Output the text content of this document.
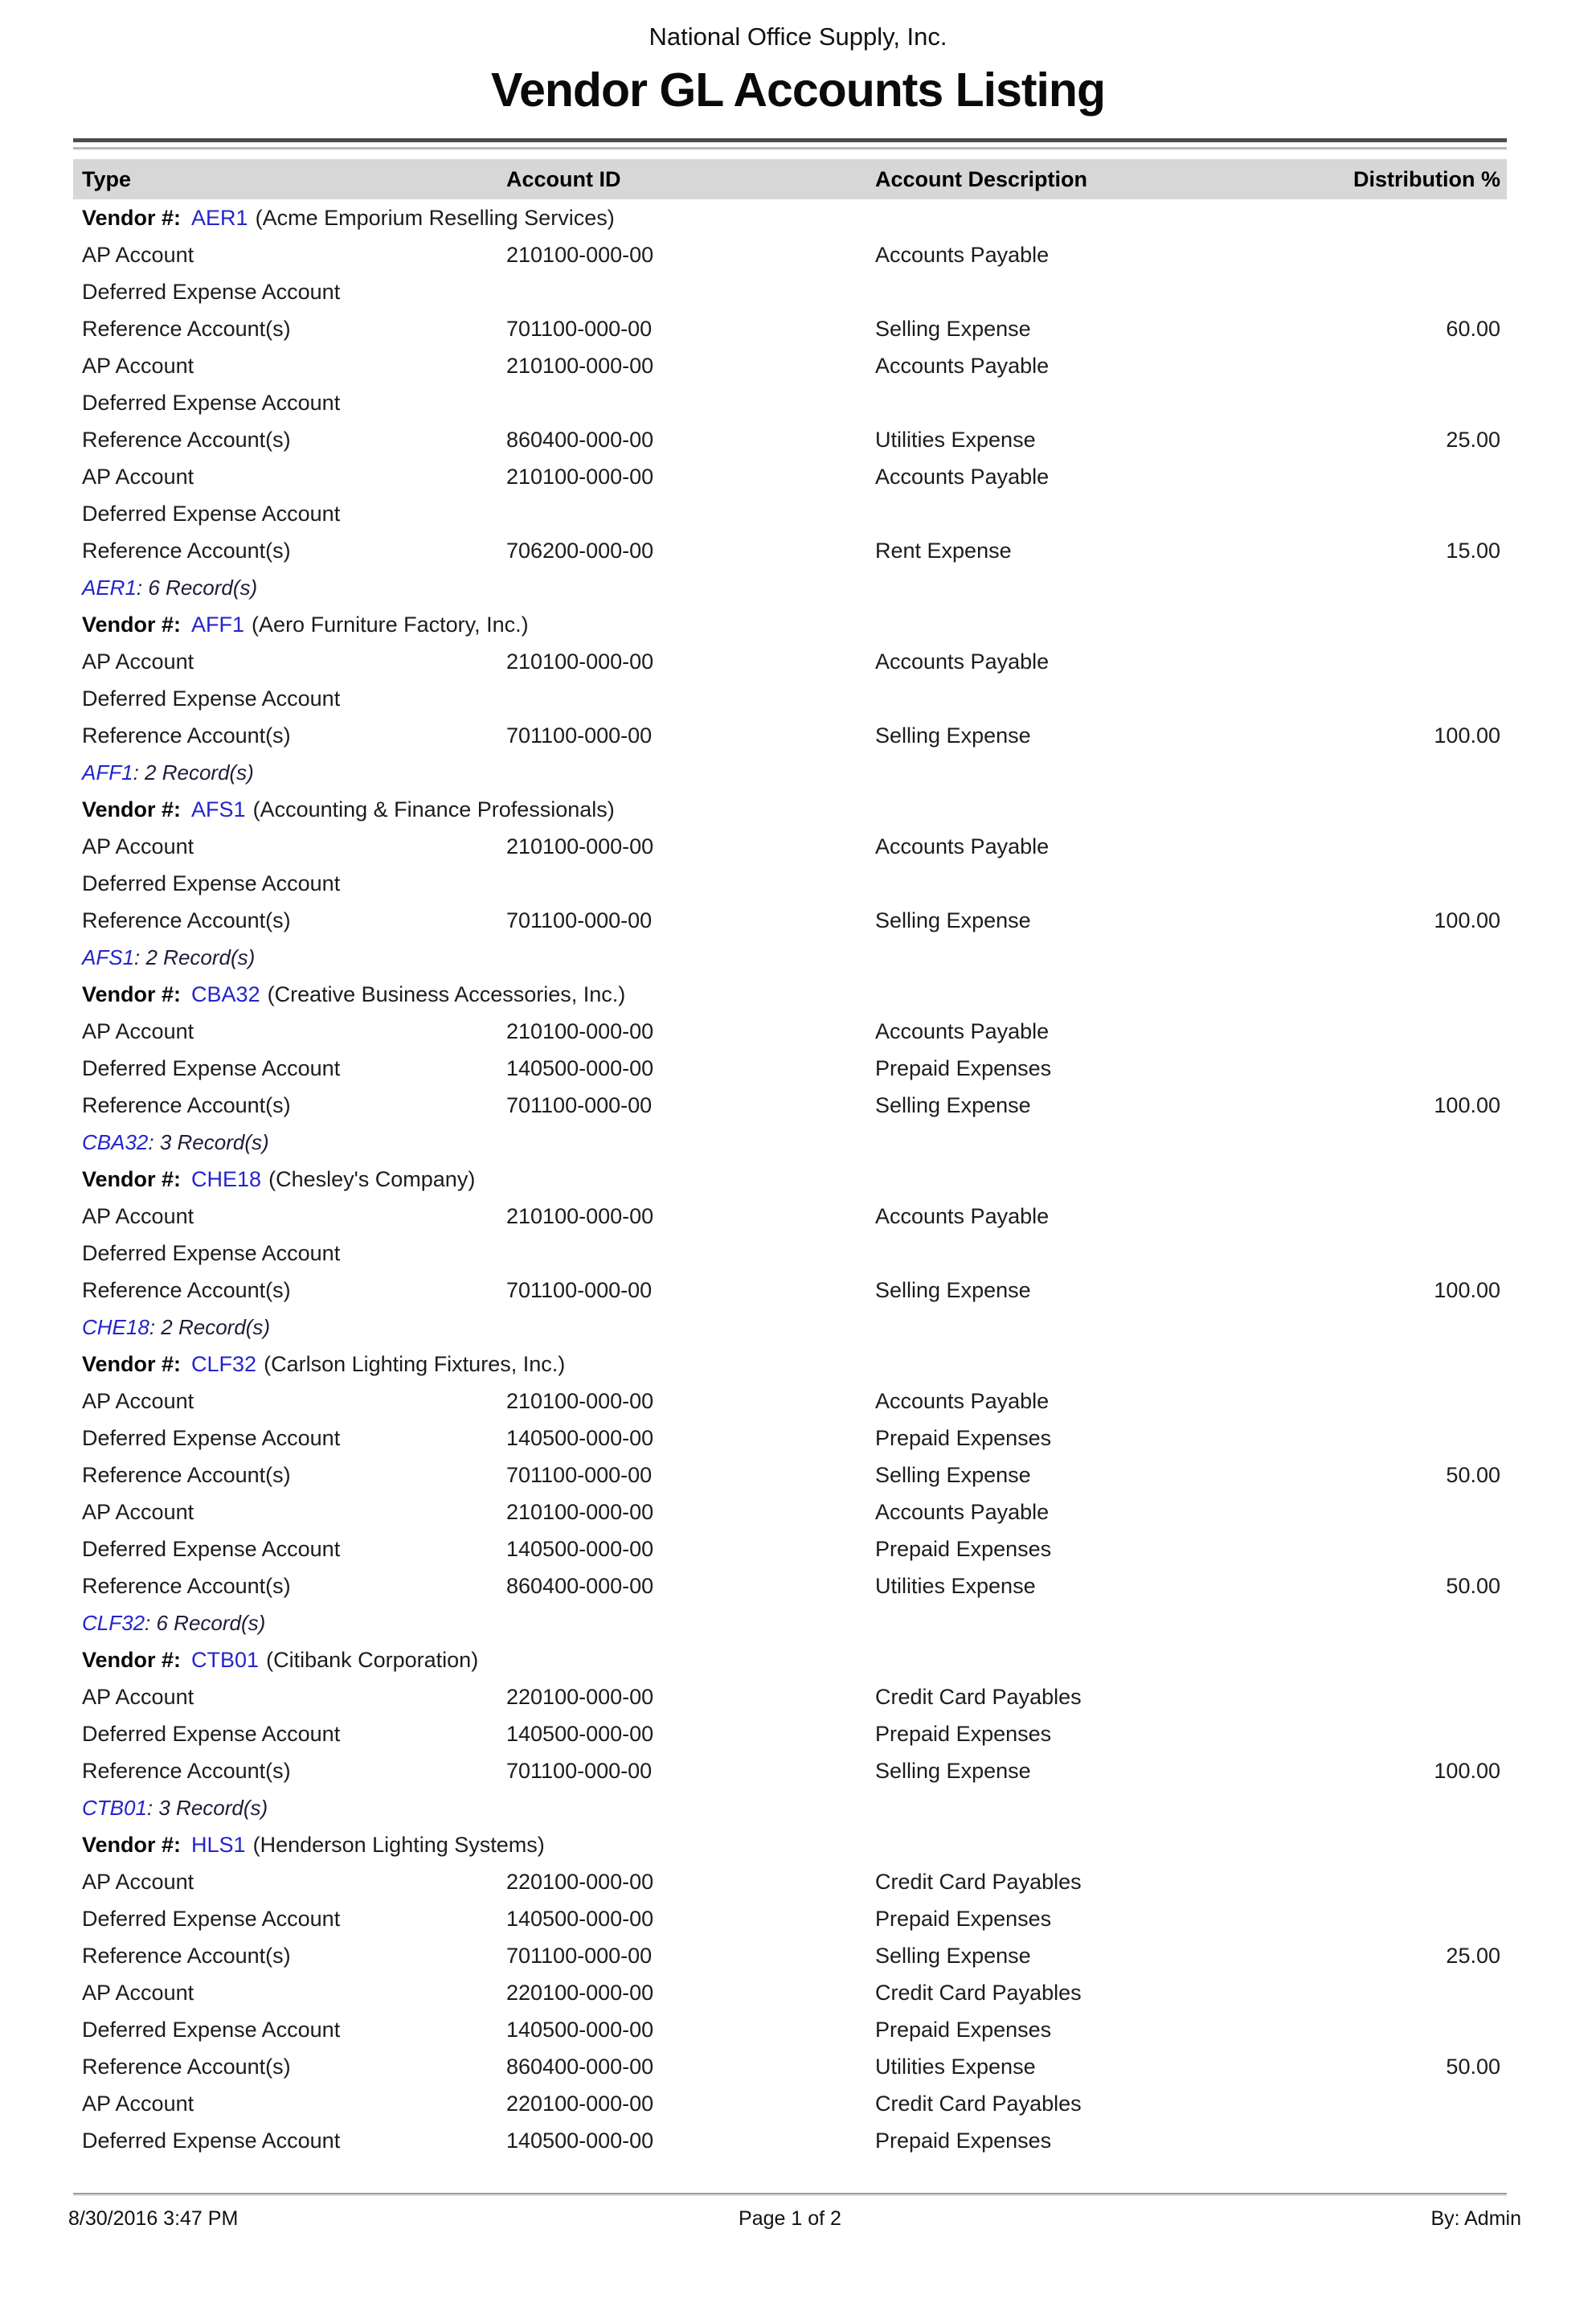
National Office Supply, Inc.
Vendor GL Accounts Listing
Type	Account ID	Account Description	Distribution %
Vendor #: AER1 (Acme Emporium Reselling Services)
AP Account	210100-000-00	Accounts Payable
Deferred Expense Account
Reference Account(s)	701100-000-00	Selling Expense	60.00
AP Account	210100-000-00	Accounts Payable
Deferred Expense Account
Reference Account(s)	860400-000-00	Utilities Expense	25.00
AP Account	210100-000-00	Accounts Payable
Deferred Expense Account
Reference Account(s)	706200-000-00	Rent Expense	15.00
AER1 : 6 Record(s)
Vendor #: AFF1 (Aero Furniture Factory, Inc.)
AP Account	210100-000-00	Accounts Payable
Deferred Expense Account
Reference Account(s)	701100-000-00	Selling Expense	100.00
AFF1 : 2 Record(s)
Vendor #: AFS1 (Accounting & Finance Professionals)
AP Account	210100-000-00	Accounts Payable
Deferred Expense Account
Reference Account(s)	701100-000-00	Selling Expense	100.00
AFS1 : 2 Record(s)
Vendor #: CBA32 (Creative Business Accessories, Inc.)
AP Account	210100-000-00	Accounts Payable
Deferred Expense Account	140500-000-00	Prepaid Expenses
Reference Account(s)	701100-000-00	Selling Expense	100.00
CBA32 : 3 Record(s)
Vendor #: CHE18 (Chesley's Company)
AP Account	210100-000-00	Accounts Payable
Deferred Expense Account
Reference Account(s)	701100-000-00	Selling Expense	100.00
CHE18 : 2 Record(s)
Vendor #: CLF32 (Carlson Lighting Fixtures, Inc.)
AP Account	210100-000-00	Accounts Payable
Deferred Expense Account	140500-000-00	Prepaid Expenses
Reference Account(s)	701100-000-00	Selling Expense	50.00
AP Account	210100-000-00	Accounts Payable
Deferred Expense Account	140500-000-00	Prepaid Expenses
Reference Account(s)	860400-000-00	Utilities Expense	50.00
CLF32 : 6 Record(s)
Vendor #: CTB01 (Citibank Corporation)
AP Account	220100-000-00	Credit Card Payables
Deferred Expense Account	140500-000-00	Prepaid Expenses
Reference Account(s)	701100-000-00	Selling Expense	100.00
CTB01 : 3 Record(s)
Vendor #: HLS1 (Henderson Lighting Systems)
AP Account	220100-000-00	Credit Card Payables
Deferred Expense Account	140500-000-00	Prepaid Expenses
Reference Account(s)	701100-000-00	Selling Expense	25.00
AP Account	220100-000-00	Credit Card Payables
Deferred Expense Account	140500-000-00	Prepaid Expenses
Reference Account(s)	860400-000-00	Utilities Expense	50.00
AP Account	220100-000-00	Credit Card Payables
Deferred Expense Account	140500-000-00	Prepaid Expenses
8/30/2016 3:47 PM	Page 1 of 2	By: Admin
